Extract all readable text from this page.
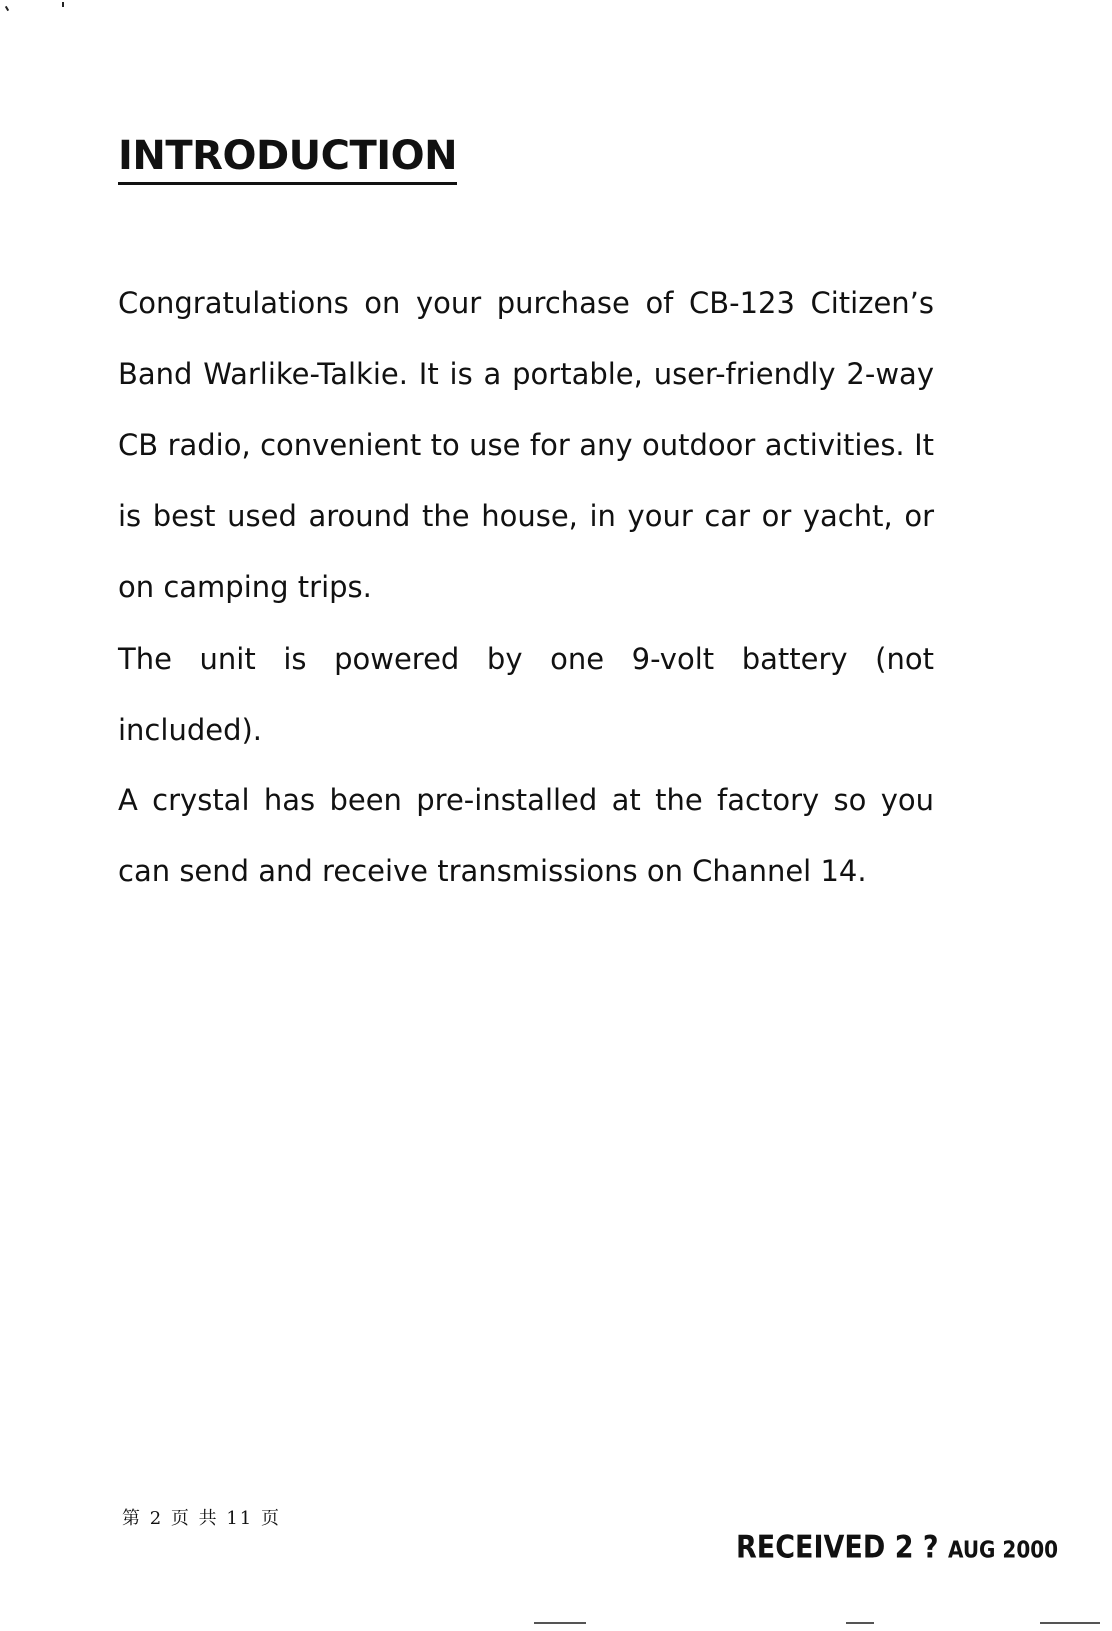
INTRODUCTION

Congratulations on your purchase of CB-123 Citizen’s Band Warlike-Talkie. It is a portable, user-friendly 2-way CB radio, convenient to use for any outdoor activities. It is best used around the house, in your car or yacht, or on camping trips.

The unit is powered by one 9-volt battery (not included).

A crystal has been pre-installed at the factory so you can send and receive transmissions on Channel 14.

第 2 页 共 11 页
RECEIVED 2 ? AUG 2000
